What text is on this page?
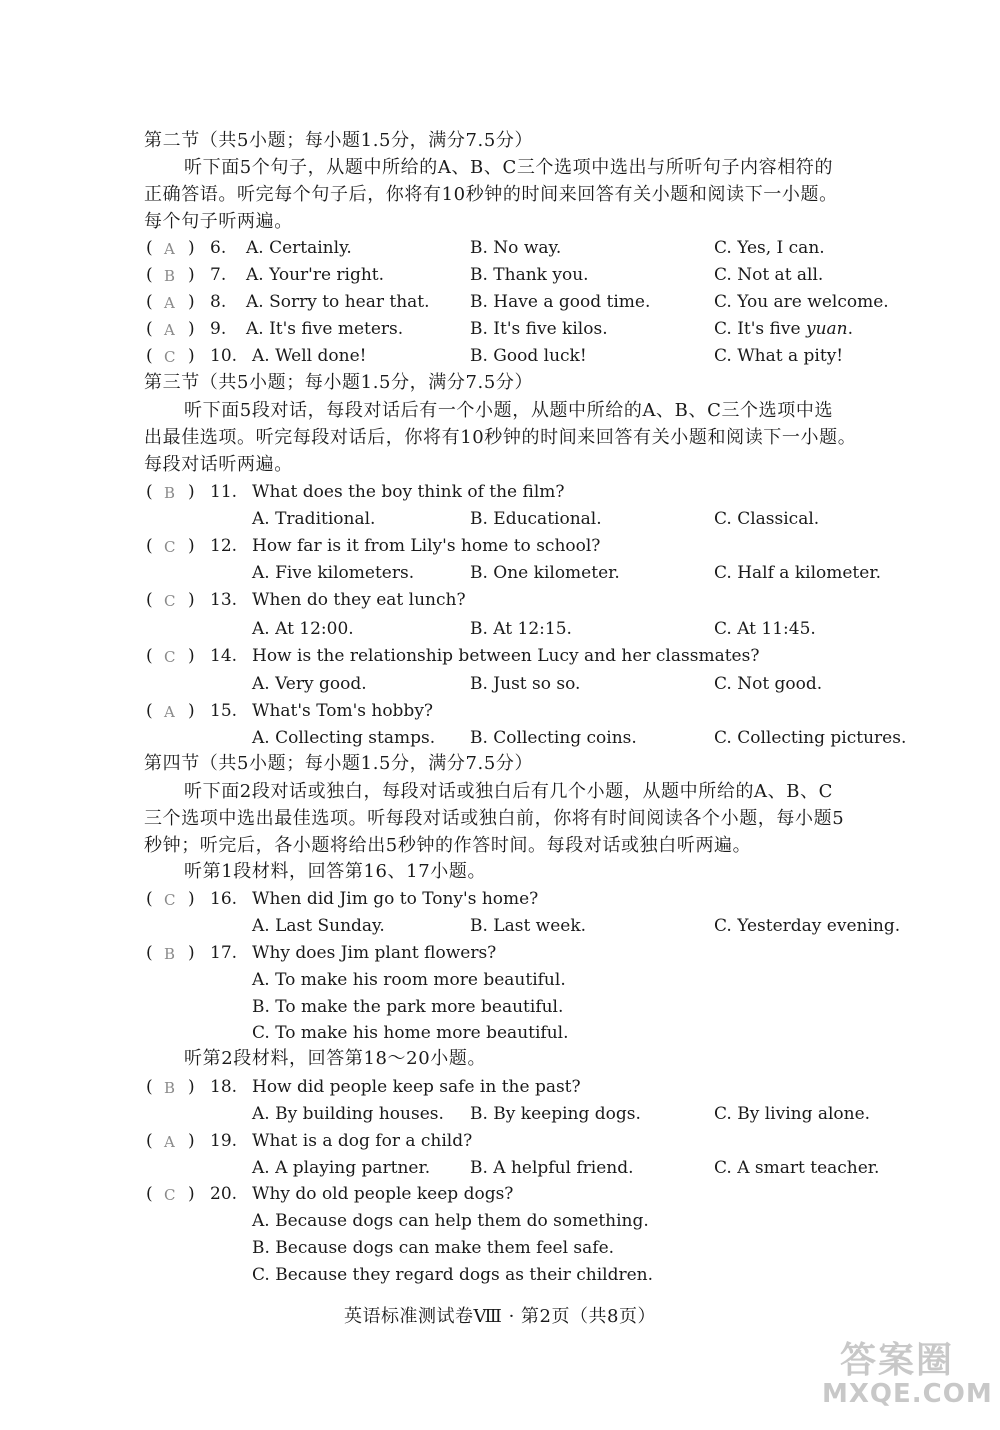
第二节（共5小题；每小题1.5分，满分7.5分）
听下面5个句子，从题中所给的A、B、C三个选项中选出与所听句子内容相符的
正确答语。听完每个句子后，你将有10秒钟的时间来回答有关小题和阅读下一小题。
每个句子听两遍。
( A ) 6. A. Certainly.	B. No way.	C. Yes, I can.
( B ) 7. A. Your're right.	B. Thank you.	C. Not at all.
( A ) 8. A. Sorry to hear that. B. Have a good time.	C. You are welcome.
( A ) 9. A. It's five meters.	B. It's five kilos.	C. It's five yuan.
( C ) 10. A. Well done!	B. Good luck!	C. What a pity!
第三节（共5小题；每小题1.5分，满分7.5分）
听下面5段对话，每段对话后有一个小题，从题中所给的A、B、C三个选项中选
出最佳选项。听完每段对话后，你将有10秒钟的时间来回答有关小题和阅读下一小题。
每段对话听两遍。
( B ) 11. What does the boy think of the film?
A. Traditional.	B. Educational.	C. Classical.
( C ) 12. How far is it from Lily's home to school?
A. Five kilometers.	B. One kilometer.	C. Half a kilometer.
( C ) 13. When do they eat lunch?
A. At 12:00.	B. At 12:15.	C. At 11:45.
( C ) 14. How is the relationship between Lucy and her classmates?
A. Very good.	B. Just so so.	C. Not good.
( A ) 15. What's Tom's hobby?
A. Collecting stamps. B. Collecting coins.	C. Collecting pictures.
第四节（共5小题；每小题1.5分，满分7.5分）
听下面2段对话或独白，每段对话或独白后有几个小题，从题中所给的A、B、C
三个选项中选出最佳选项。听每段对话或独白前，你将有时间阅读各个小题，每小题5
秒钟；听完后，各小题将给出5秒钟的作答时间。每段对话或独白听两遍。
听第1段材料，回答第16、17小题。
( C ) 16. When did Jim go to Tony's home?
A. Last Sunday.	B. Last week.	C. Yesterday evening.
( B ) 17. Why does Jim plant flowers?
A. To make his room more beautiful.
B. To make the park more beautiful.
C. To make his home more beautiful.
听第2段材料，回答第18～20小题。
( B ) 18. How did people keep safe in the past?
A. By building houses. B. By keeping dogs.	C. By living alone.
( A ) 19. What is a dog for a child?
A. A playing partner. B. A helpful friend.	C. A smart teacher.
( C ) 20. Why do old people keep dogs?
A. Because dogs can help them do something.
B. Because dogs can make them feel safe.
C. Because they regard dogs as their children.
英语标准测试卷Ⅷ · 第2页（共8页）
答案圈
MXQE.COM
